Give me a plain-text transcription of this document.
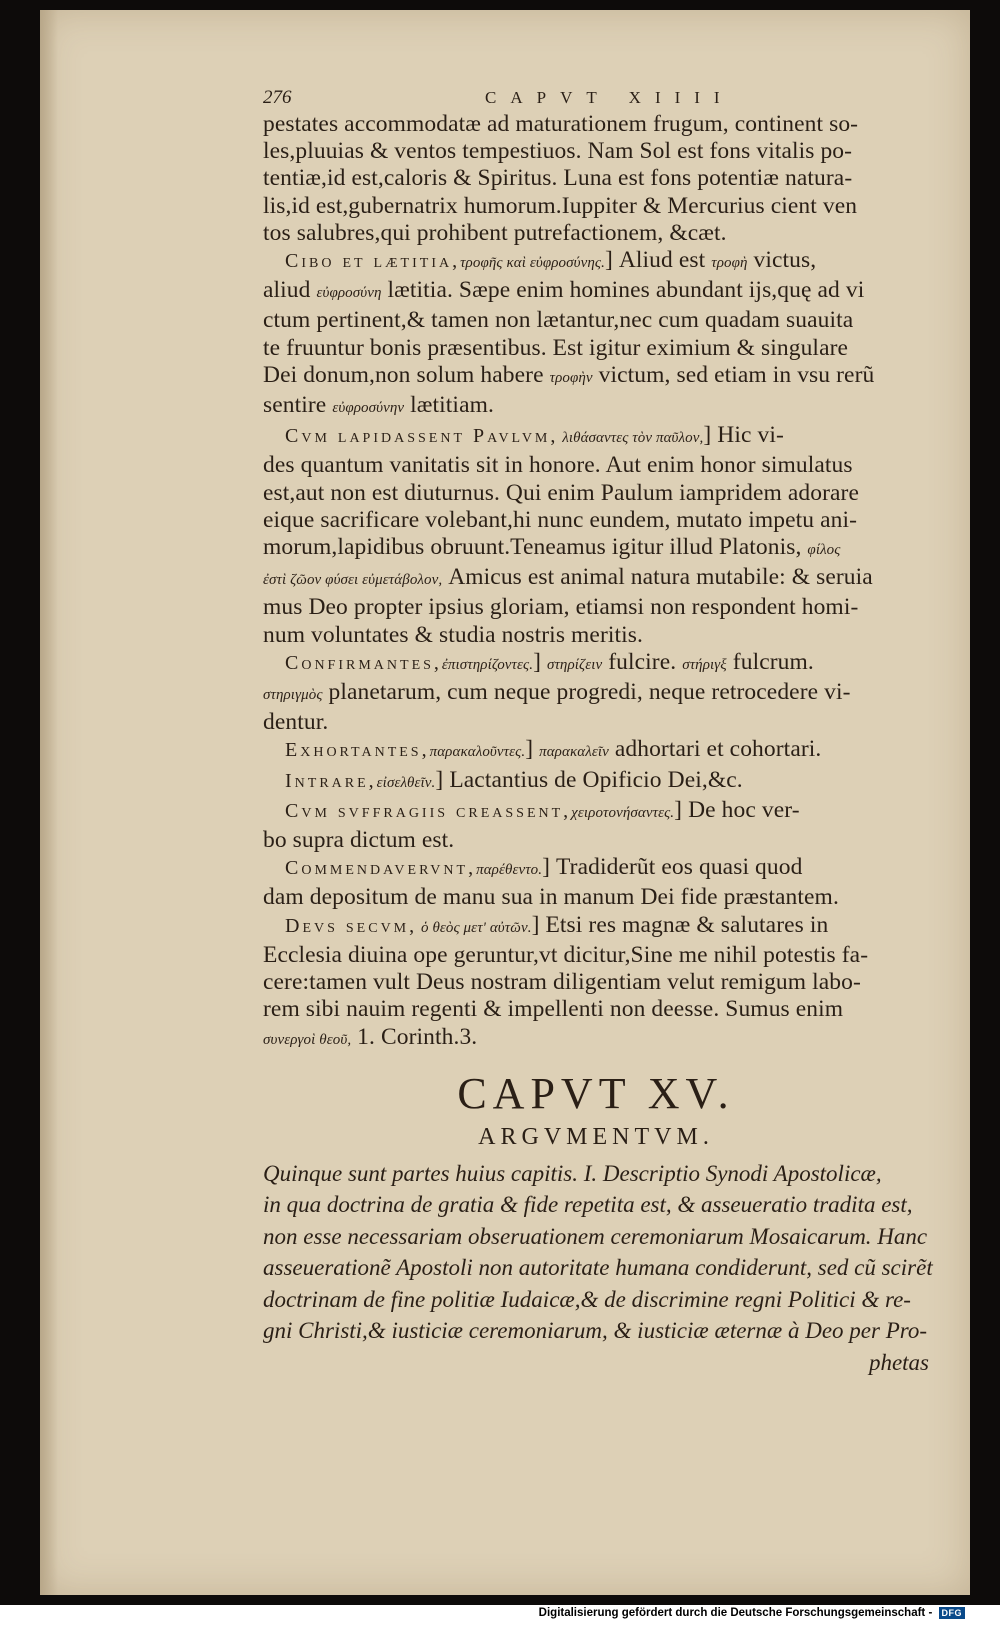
276	CAPVT XIIII
pestates accommodatæ ad maturationem frugum, continent so-
les,pluuias & ventos tempestiuos. Nam Sol est fons vitalis po-
tentiæ,id est,caloris & Spiritus. Luna est fons potentiæ natura-
lis,id est,gubernatrix humorum.Iuppiter & Mercurius cient ven
tos salubres,qui prohibent putrefactionem, &cæt.
Cibo et lætitia,τροφῆς καὶ εὐφροσύνης.] Aliud est τροφὴ victus,
aliud εὐφροσύνη lætitia. Sæpe enim homines abundant ijs,quę ad vi
ctum pertinent,& tamen non lætantur,nec cum quadam suauita
te fruuntur bonis præsentibus. Est igitur eximium & singulare
Dei donum,non solum habere τροφὴν victum, sed etiam in vsu rerũ
sentire εὐφροσύνην lætitiam.
Cvm lapidassent Pavlvm, λιθάσαντες τὸν παῦλον,] Hic vi-
des quantum vanitatis sit in honore. Aut enim honor simulatus
est,aut non est diuturnus. Qui enim Paulum iampridem adorare
eique sacrificare volebant,hi nunc eundem, mutato impetu ani-
morum,lapidibus obruunt.Teneamus igitur illud Platonis, φίλος
ἐστὶ ζῶον φύσει εὐμετάβολον, Amicus est animal natura mutabile: & seruia
mus Deo propter ipsius gloriam, etiamsi non respondent homi-
num voluntates & studia nostris meritis.
Confirmantes,ἐπιστηρίζοντες.] στηρίζειν fulcire. στήριγξ fulcrum.
στηριγμὸς planetarum, cum neque progredi, neque retrocedere vi-
dentur.
Exhortantes,παρακαλοῦντες.] παρακαλεῖν adhortari et cohortari.
Intrare,εἰσελθεῖν.] Lactantius de Opificio Dei,&c.
Cvm svffragiis creassent,χειροτονήσαντες.] De hoc ver-
bo supra dictum est.
Commendavervnt,παρέθεντο.] Tradiderũt eos quasi quod
dam depositum de manu sua in manum Dei fide præstantem.
Devs secvm, ὁ θεὸς μετ' αὐτῶν.] Etsi res magnæ & salutares in
Ecclesia diuina ope geruntur,vt dicitur,Sine me nihil potestis fa-
cere:tamen vult Deus nostram diligentiam velut remigum labo-
rem sibi nauim regenti & impellenti non deesse. Sumus enim
συνεργοὶ θεοῦ, 1. Corinth.3.
CAPVT XV.
ARGVMENTVM.
Quinque sunt partes huius capitis. I. Descriptio Synodi Apostolicæ,
in qua doctrina de gratia & fide repetita est, & asseueratio tradita est,
non esse necessariam obseruationem ceremoniarum Mosaicarum. Hanc
asseuerationẽ Apostoli non autoritate humana condiderunt, sed cũ scirẽt
doctrinam de fine politiæ Iudaicæ,& de discrimine regni Politici & re-
gni Christi,& iusticiæ ceremoniarum, & iusticiæ æternæ à Deo per Pro-
phetas
Digitalisierung gefördert durch die Deutsche Forschungsgemeinschaft - DFG
